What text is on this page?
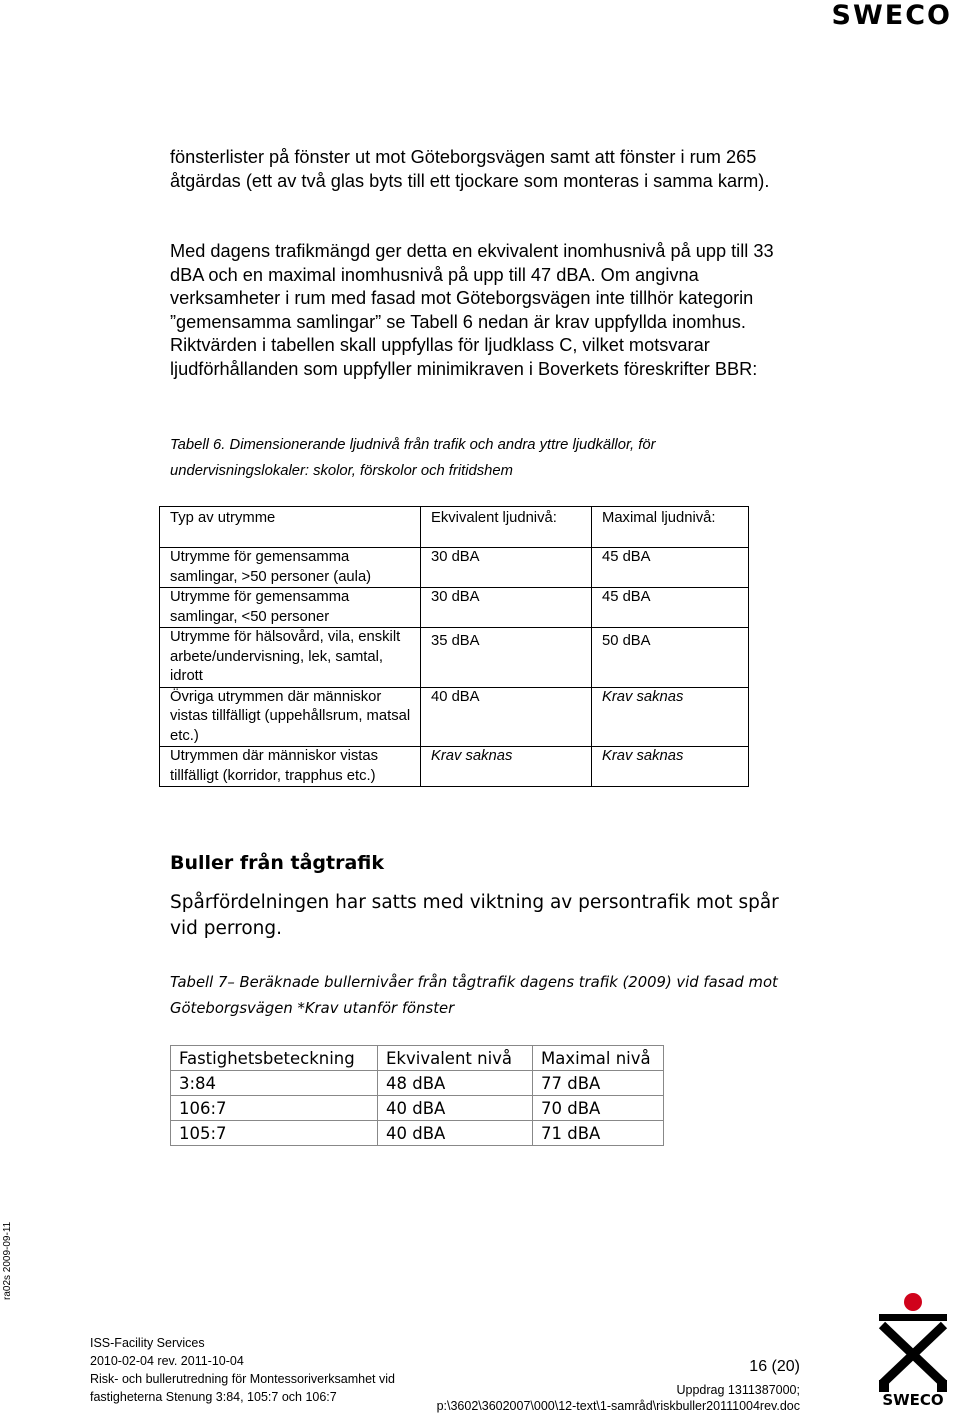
SWECO

fönsterlister på fönster ut mot Göteborgsvägen samt att fönster i rum 265 åtgärdas (ett av två glas byts till ett tjockare som monteras i samma karm).

Med dagens trafikmängd ger detta en ekvivalent inomhusnivå på upp till 33 dBA och en maximal inomhusnivå på upp till 47 dBA. Om angivna verksamheter i rum med fasad mot Göteborgsvägen inte tillhör kategorin ”gemensamma samlingar” se Tabell 6 nedan är krav uppfyllda inomhus. Riktvärden i tabellen skall uppfyllas för ljudklass C, vilket motsvarar ljudförhållanden som uppfyller minimikraven i Boverkets föreskrifter BBR:

Tabell 6. Dimensionerande ljudnivå från trafik och andra yttre ljudkällor, för undervisningslokaler: skolor, förskolor och fritidshem

Typ av utrymme	Ekvivalent ljudnivå:	Maximal ljudnivå:
Utrymme för gemensamma samlingar, >50 personer (aula)	30 dBA	45 dBA
Utrymme för gemensamma samlingar, <50 personer	30 dBA	45 dBA
Utrymme för hälsovård, vila, enskilt arbete/undervisning, lek, samtal, idrott	35 dBA	50 dBA
Övriga utrymmen där människor vistas tillfälligt (uppehållsrum, matsal etc.)	40 dBA	Krav saknas
Utrymmen där människor vistas tillfälligt (korridor, trapphus etc.)	Krav saknas	Krav saknas
Buller från tågtrafik

Spårfördelningen har satts med viktning av persontrafik mot spår vid perrong.

Tabell 7– Beräknade bullernivåer från tågtrafik dagens trafik (2009) vid fasad mot Göteborgsvägen *Krav utanför fönster

Fastighetsbeteckning	Ekvivalent nivå	Maximal nivå
3:84	48 dBA	77 dBA
106:7	40 dBA	70 dBA
105:7	40 dBA	71 dBA
ra02s 2009-09-11
ISS-Facility Services
2010-02-04 rev. 2011-10-04
Risk- och bullerutredning för Montessoriverksamhet vid
fastigheterna Stenung 3:84, 105:7 och 106:7
16 (20)
Uppdrag 1311387000;
p:\3602\3602007\000\12-text\1-samråd\riskbuller20111004rev.doc	SWECO
